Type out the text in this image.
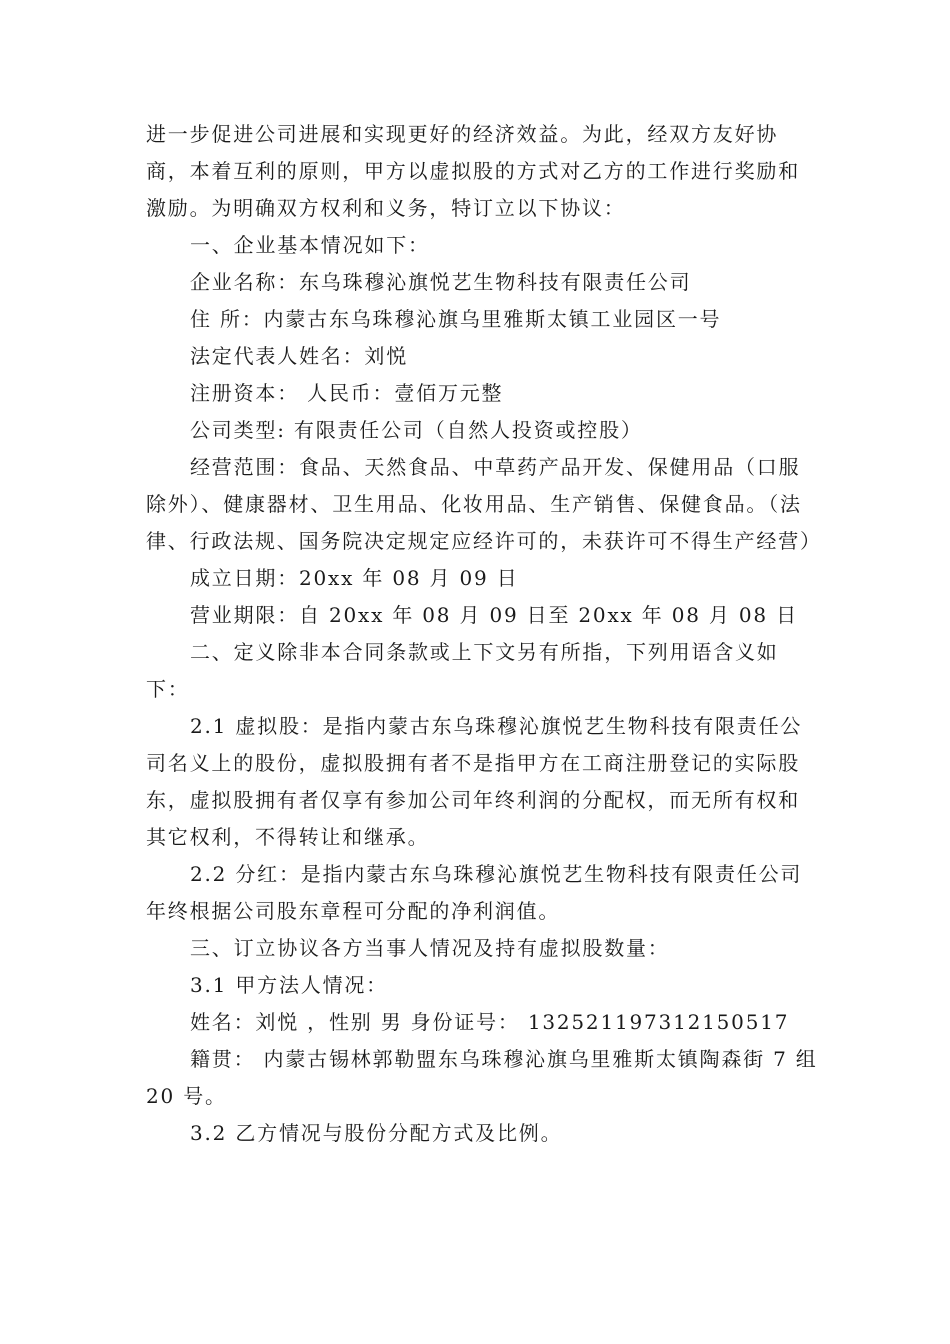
进一步促进公司进展和实现更好的经济效益。为此，经双方友好协商，本着互利的原则，甲方以虚拟股的方式对乙方的工作进行奖励和激励。为明确双方权利和义务，特订立以下协议：

一、企业基本情况如下：

企业名称：东乌珠穆沁旗悦艺生物科技有限责任公司

住 所：内蒙古东乌珠穆沁旗乌里雅斯太镇工业园区一号

法定代表人姓名：刘悦

注册资本： 人民币：壹佰万元整

公司类型: 有限责任公司（自然人投资或控股）

经营范围：食品、天然食品、中草药产品开发、保健用品（口服除外）、健康器材、卫生用品、化妆用品、生产销售、保健食品。（法律、行政法规、国务院决定规定应经许可的，未获许可不得生产经营）

成立日期：20xx 年 08 月 09 日

营业期限：自 20xx 年 08 月 09 日至 20xx 年 08 月 08 日

二、定义除非本合同条款或上下文另有所指，下列用语含义如下：

2.1 虚拟股：是指内蒙古东乌珠穆沁旗悦艺生物科技有限责任公司名义上的股份，虚拟股拥有者不是指甲方在工商注册登记的实际股东，虚拟股拥有者仅享有参加公司年终利润的分配权，而无所有权和其它权利，不得转让和继承。

2.2 分红：是指内蒙古东乌珠穆沁旗悦艺生物科技有限责任公司年终根据公司股东章程可分配的净利润值。

三、订立协议各方当事人情况及持有虚拟股数量：

3.1 甲方法人情况：

姓名：刘悦 ，性别 男 身份证号： 132521197312150517

籍贯： 内蒙古锡林郭勒盟东乌珠穆沁旗乌里雅斯太镇陶森街 7 组 20 号。

3.2 乙方情况与股份分配方式及比例。
